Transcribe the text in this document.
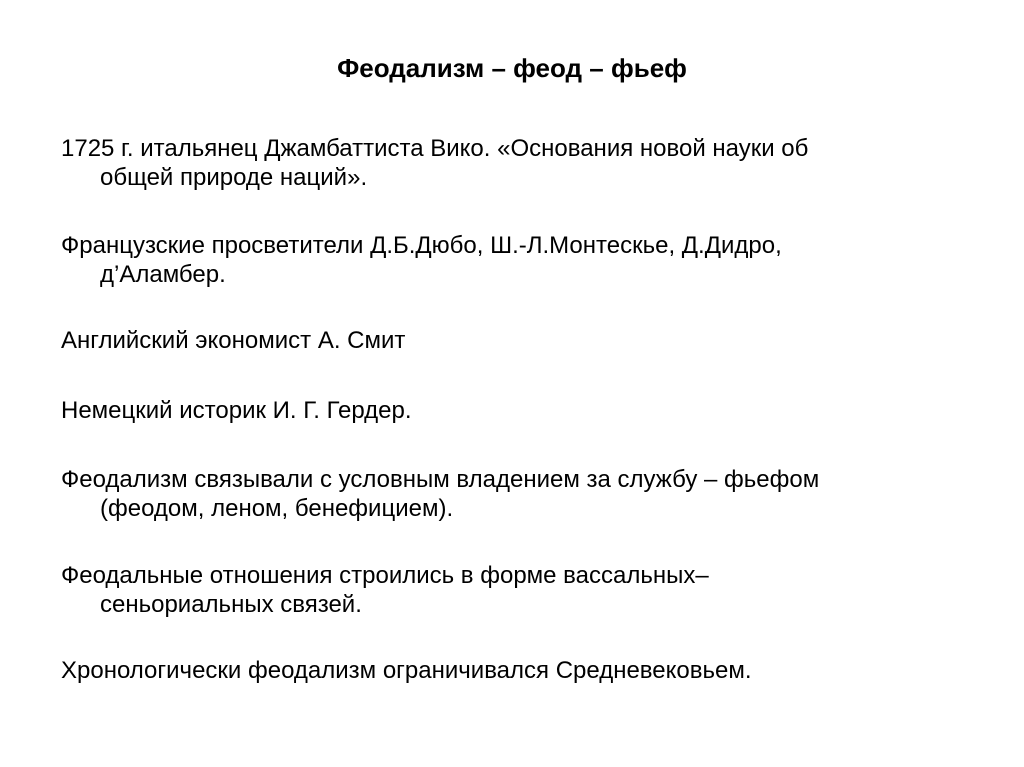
Феодализм – феод – фьеф
1725 г. итальянец Джамбаттиста Вико. «Основания новой науки об
общей природе наций».
Французские просветители Д.Б.Дюбо, Ш.-Л.Монтескье, Д.Дидро,
д’Аламбер.
Английский экономист А. Смит
Немецкий историк И. Г. Гердер.
Феодализм связывали с условным владением за службу – фьефом
(феодом, леном, бенефицием).
Феодальные отношения строились в форме вассальных–
сеньориальных связей.
Хронологически феодализм ограничивался Средневековьем.
